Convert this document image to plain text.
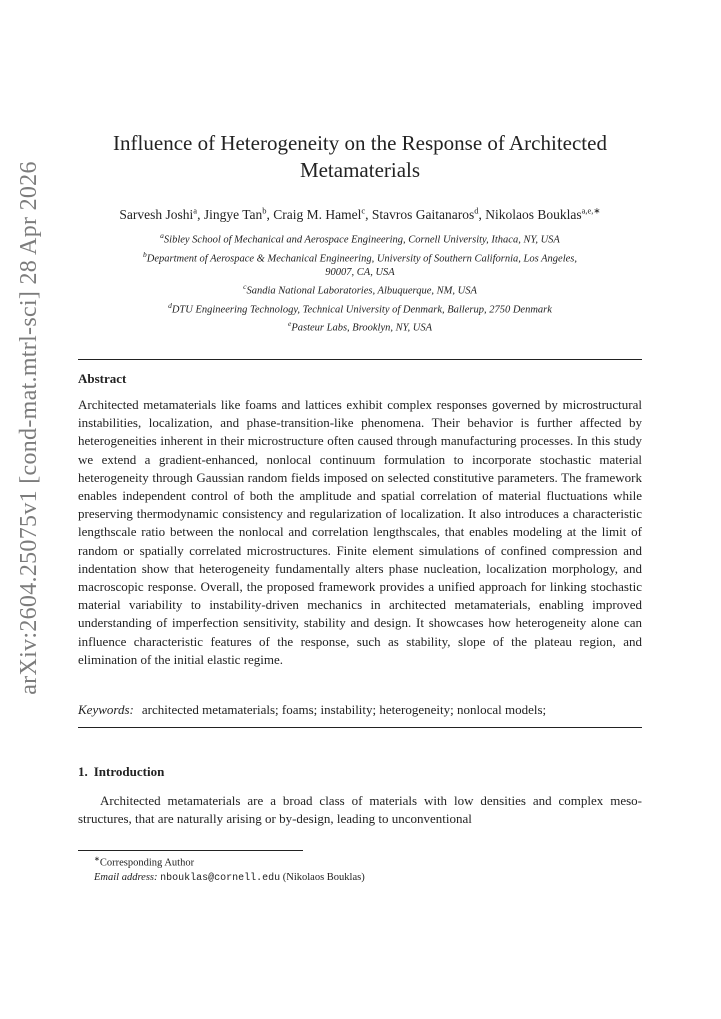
arXiv:2604.25075v1 [cond-mat.mtrl-sci] 28 Apr 2026
Influence of Heterogeneity on the Response of Architected
Metamaterials
Sarvesh Joshi$^a$, Jingye Tan$^b$, Craig M. Hamel$^c$, Stavros Gaitanaros$^d$, Nikolaos Bouklas$^{a,e,∗}$
$^a$Sibley School of Mechanical and Aerospace Engineering, Cornell University, Ithaca, NY, USA
$^b$Department of Aerospace & Mechanical Engineering, University of Southern California, Los Angeles,
90007, CA, USA
$^c$Sandia National Laboratories, Albuquerque, NM, USA
$^d$DTU Engineering Technology, Technical University of Denmark, Ballerup, 2750 Denmark
$^e$Pasteur Labs, Brooklyn, NY, USA
Abstract
Architected metamaterials like foams and lattices exhibit complex responses governed by microstructural instabilities, localization, and phase-transition-like phenomena. Their behavior is further affected by heterogeneities inherent in their microstructure often caused through manufacturing processes. In this study we extend a gradient-enhanced, nonlocal continuum formulation to incorporate stochastic material heterogeneity through Gaussian random fields imposed on selected constitutive parameters. The framework enables independent control of both the amplitude and spatial correlation of material fluctuations while preserving thermodynamic consistency and regularization of localization. It also introduces a characteristic lengthscale ratio between the nonlocal and correlation lengthscales, that enables modeling at the limit of random or spatially correlated microstructures. Finite element simulations of confined compression and indentation show that heterogeneity fundamentally alters phase nucleation, localization morphology, and macroscopic response. Overall, the proposed framework provides a unified approach for linking stochastic material variability to instability-driven mechanics in architected metamaterials, enabling improved understanding of imperfection sensitivity, stability and design. It showcases how heterogeneity alone can influence characteristic features of the response, such as stability, slope of the plateau region, and elimination of the initial elastic regime.
Keywords: architected metamaterials; foams; instability; heterogeneity; nonlocal models;
1. Introduction
Architected metamaterials are a broad class of materials with low densities and complex meso-structures, that are naturally arising or by-design, leading to unconventional
∗Corresponding Author
Email address: nbouklas@cornell.edu (Nikolaos Bouklas)
